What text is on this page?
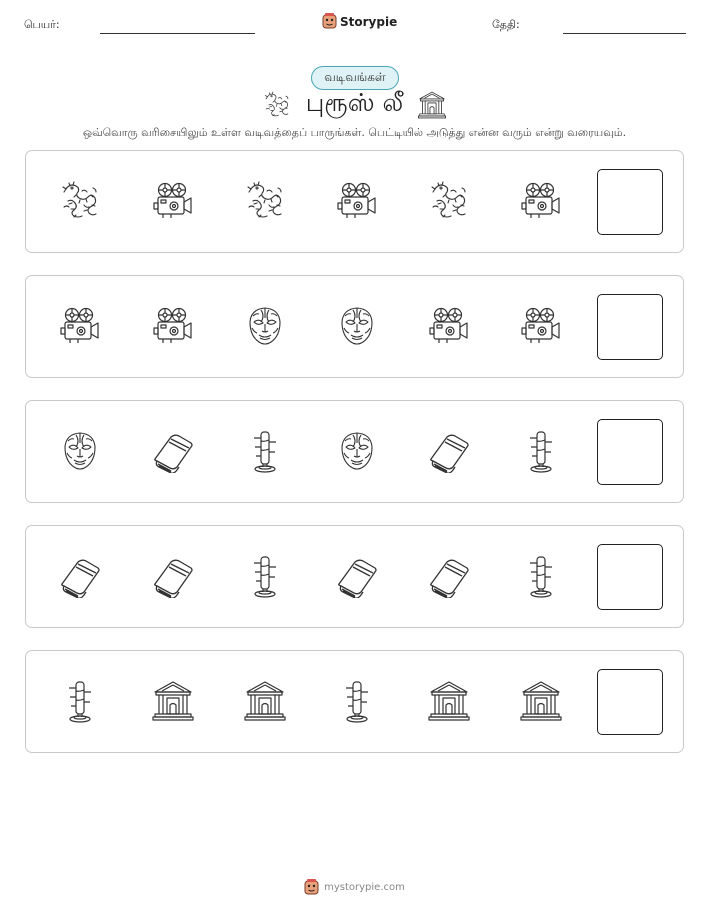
பெயர்:	Storypie	தேதி:
வடிவங்கள்
புரூஸ் லீ
ஒவ்வொரு வரிசையிலும் உள்ள வடிவத்தைப் பாருங்கள். பெட்டியில் அடுத்து என்ன வரும் என்று வரையவும்.
mystorypie.com
